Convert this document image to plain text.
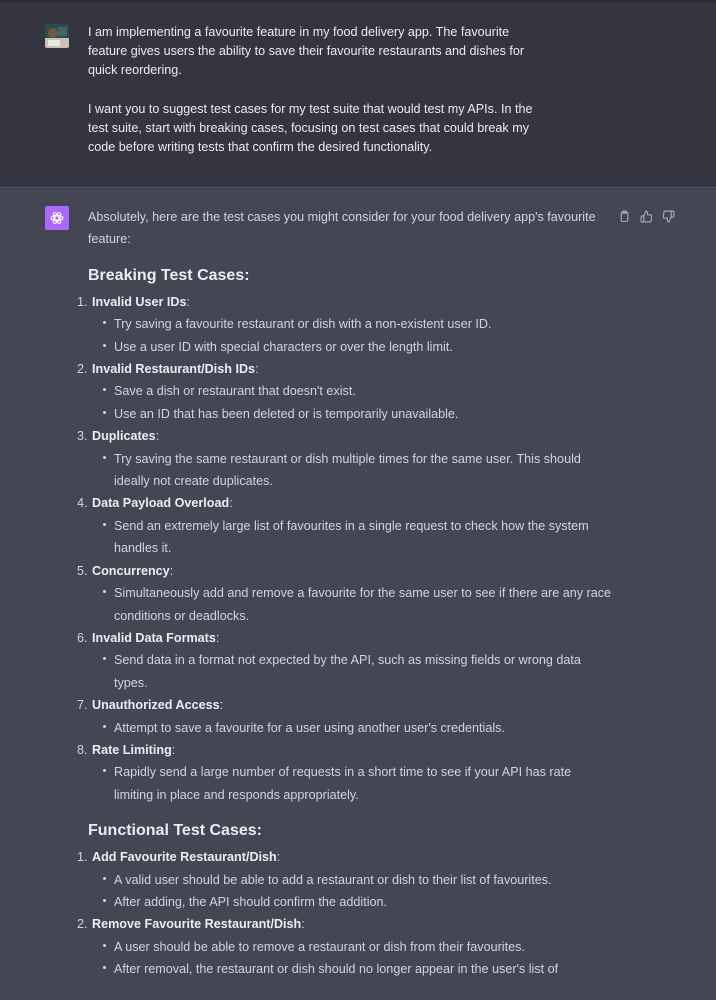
I am implementing a favourite feature in my food delivery app. The favourite feature gives users the ability to save their favourite restaurants and dishes for quick reordering.

I want you to suggest test cases for my test suite that would test my APIs. In the test suite, start with breaking cases, focusing on test cases that could break my code before writing tests that confirm the desired functionality.

Absolutely, here are the test cases you might consider for your food delivery app's favourite feature:

Breaking Test Cases:
1. Invalid User IDs:
Try saving a favourite restaurant or dish with a non-existent user ID.
Use a user ID with special characters or over the length limit.
2. Invalid Restaurant/Dish IDs:
Save a dish or restaurant that doesn't exist.
Use an ID that has been deleted or is temporarily unavailable.
3. Duplicates:
Try saving the same restaurant or dish multiple times for the same user. This should ideally not create duplicates.
4. Data Payload Overload:
Send an extremely large list of favourites in a single request to check how the system handles it.
5. Concurrency:
Simultaneously add and remove a favourite for the same user to see if there are any race conditions or deadlocks.
6. Invalid Data Formats:
Send data in a format not expected by the API, such as missing fields or wrong data types.
7. Unauthorized Access:
Attempt to save a favourite for a user using another user's credentials.
8. Rate Limiting:
Rapidly send a large number of requests in a short time to see if your API has rate limiting in place and responds appropriately.
Functional Test Cases:
1. Add Favourite Restaurant/Dish:
A valid user should be able to add a restaurant or dish to their list of favourites.
After adding, the API should confirm the addition.
2. Remove Favourite Restaurant/Dish:
A user should be able to remove a restaurant or dish from their favourites.
After removal, the restaurant or dish should no longer appear in the user's list of
